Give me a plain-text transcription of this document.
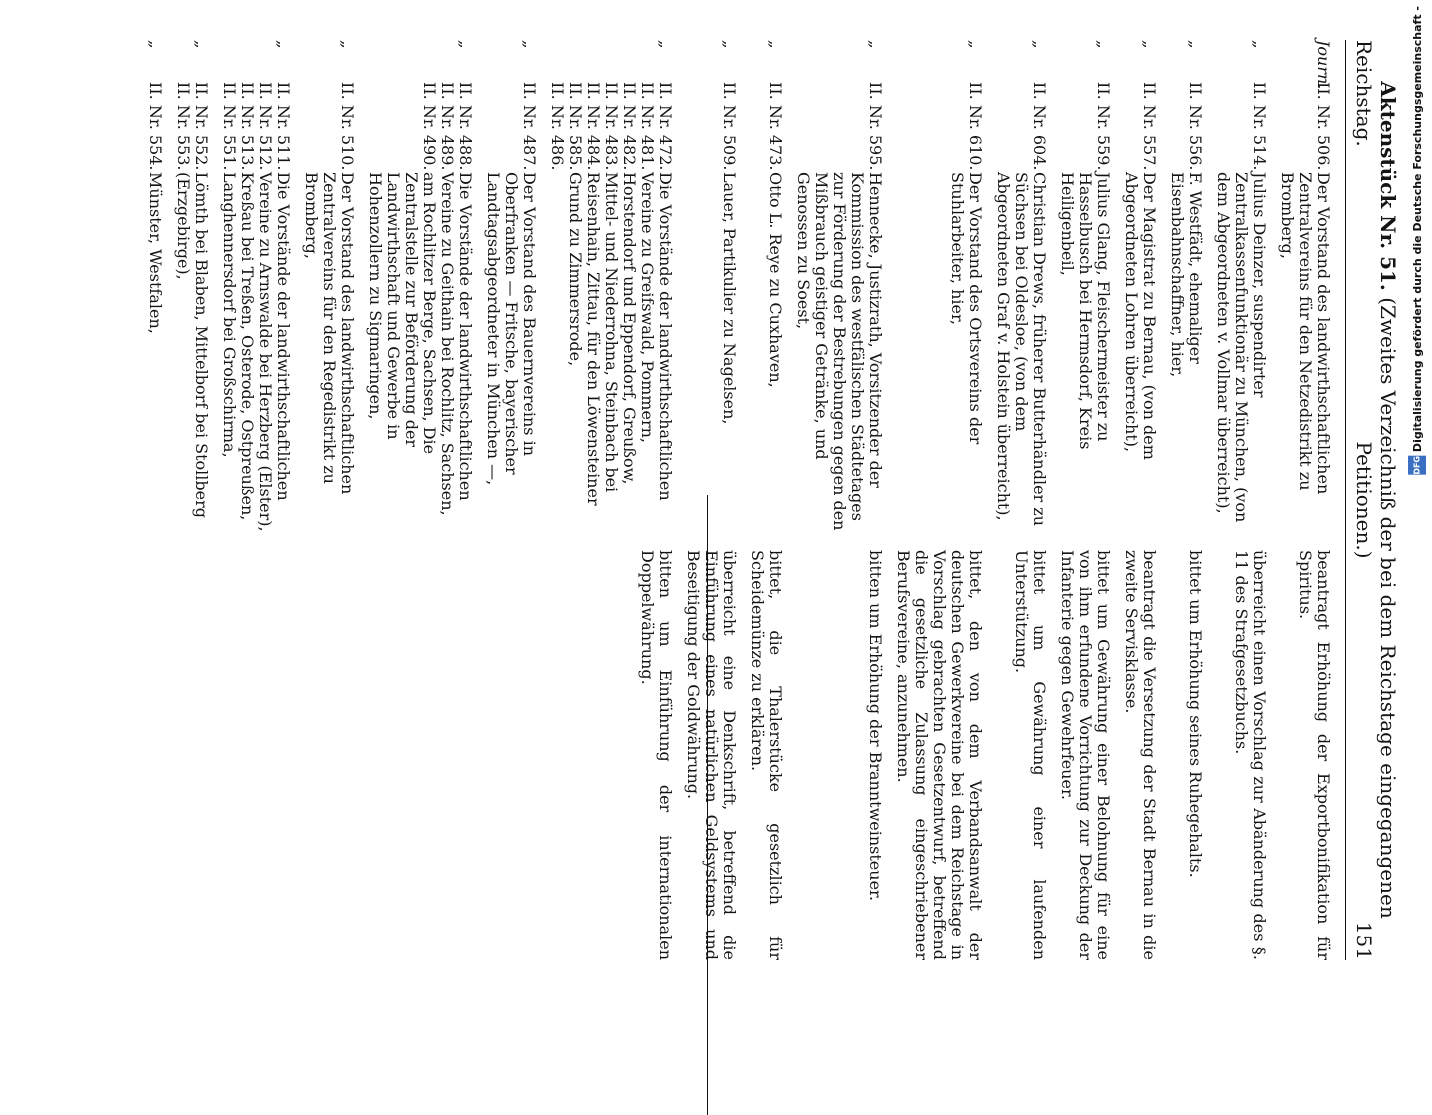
Reichstag. Aktenstück Nr. 51. (Zweites Verzeichniß der bei dem Reichstage eingegangenen Petitionen.)
151
Journ.
II. Nr. 506.
Der Vorstand des landwirthschaftlichen Zentralvereins für den Netzedistrikt zu Bromberg,
beantragt Erhöhung der Exportbonifikation für Spiritus.
„
II. Nr. 514.
Julius Deinzer, suspendirter Zentralkassenfunktionär zu München, (von dem Abgeordneten v. Vollmar überreicht),
überreicht einen Vorschlag zur Abänderung des §. 11 des Strafgesetzbuchs.
„
II. Nr. 556.
F. Westfädt, ehemaliger Eisenbahnschaffner, hier,
bittet um Erhöhung seines Ruhegehalts.
„
II. Nr. 557.
Der Magistrat zu Bernau, (von dem Abgeordneten Lohren überreicht),
beantragt die Versetzung der Stadt Bernau in die zweite Servisklasse.
„
II. Nr. 559.
Julius Glang, Fleischermeister zu Hasselbusch bei Hermsdorf, Kreis Heiligenbeil,
bittet um Gewährung einer Belohnung für eine von ihm erfundene Vorrichtung zur Deckung der Infanterie gegen Gewehrfeuer.
„
II. Nr. 604.
Christian Drews, früherer Butterhändler zu Süchsen bei Oldesloe, (von dem Abgeordneten Graf v. Holstein überreicht),
bittet um Gewährung einer laufenden Unterstützung.
„
II. Nr. 610.
Der Vorstand des Ortsvereins der Stuhlarbeiter, hier,
bittet, den von dem Verbandsanwalt der deutschen Gewerkvereine bei dem Reichstage in Vorschlag gebrachten Gesetzentwurf, betreffend die gesetzliche Zulassung eingeschriebener Berufsvereine, anzunehmen.
„
II. Nr. 595.
Hennecke, Justizrath, Vorsitzender der Kommission des westfälischen Städtetages zur Förderung der Bestrebungen gegen den Mißbrauch geistiger Getränke, und Genossen zu Soest,
bitten um Erhöhung der Branntweinsteuer.
„
II. Nr. 473.
Otto L. Reye zu Cuxhaven,
bittet, die Thalerstücke gesetzlich für Scheidemünze zu erklären.
„
II. Nr. 509.
Lauer, Partikulier zu Nagelsen,
überreicht eine Denkschrift, betreffend die Einführung eines natürlichen Geldsystems und Beseitigung der Goldwährung.
„
II. Nr. 472.
II. Nr. 481.
II. Nr. 482.
II. Nr. 483.
II. Nr. 484.
II. Nr. 585.
II. Nr. 486.
Die Vorstände der landwirthschaftlichen Vereine zu Greifswald, Pommern, Horstendorf und Eppendorf, Greußow, Mittel- und Niederrohna, Steinbach bei Reisenhain, Zittau, für den Löwensteiner Grund zu Zimmersrode,
bitten um Einführung der internationalen Doppelwährung.
„
II. Nr. 487.
Der Vorstand des Bauernvereins in Oberfranken — Fritsche, bayerischer Landtagsabgeordneter in München —,
„
II. Nr. 488.
II. Nr. 489.
II. Nr. 490.
Die Vorstände der landwirthschaftlichen Vereine zu Geithain bei Rochlitz, Sachsen, am Rochlitzer Berge, Sachsen, Die Zentralstelle zur Beförderung der Landwirthschaft und Gewerbe in Hohenzollern zu Sigmaringen,
„
II. Nr. 510.
Der Vorstand des landwirthschaftlichen Zentralvereins für den Regedistrikt zu Bromberg,
„
II. Nr. 511.
II. Nr. 512.
II. Nr. 513.
II. Nr. 551.
Die Vorstände der landwirthschaftlichen Vereine zu Arnswalde bei Herzberg (Elster), Kreßau bei Treßen, Osterode, Ostpreußen, Langhennersdorf bei Großschirma,
„
II. Nr. 552.
II. Nr. 553.
Lömth bei Blaben, Mittelborf bei Stollberg (Erzgebirge),
„
II. Nr. 554.
Münster, Westfalen,	Digitalisierung gefördert durch die Deutsche Forschungsgemeinschaft -
DFG
